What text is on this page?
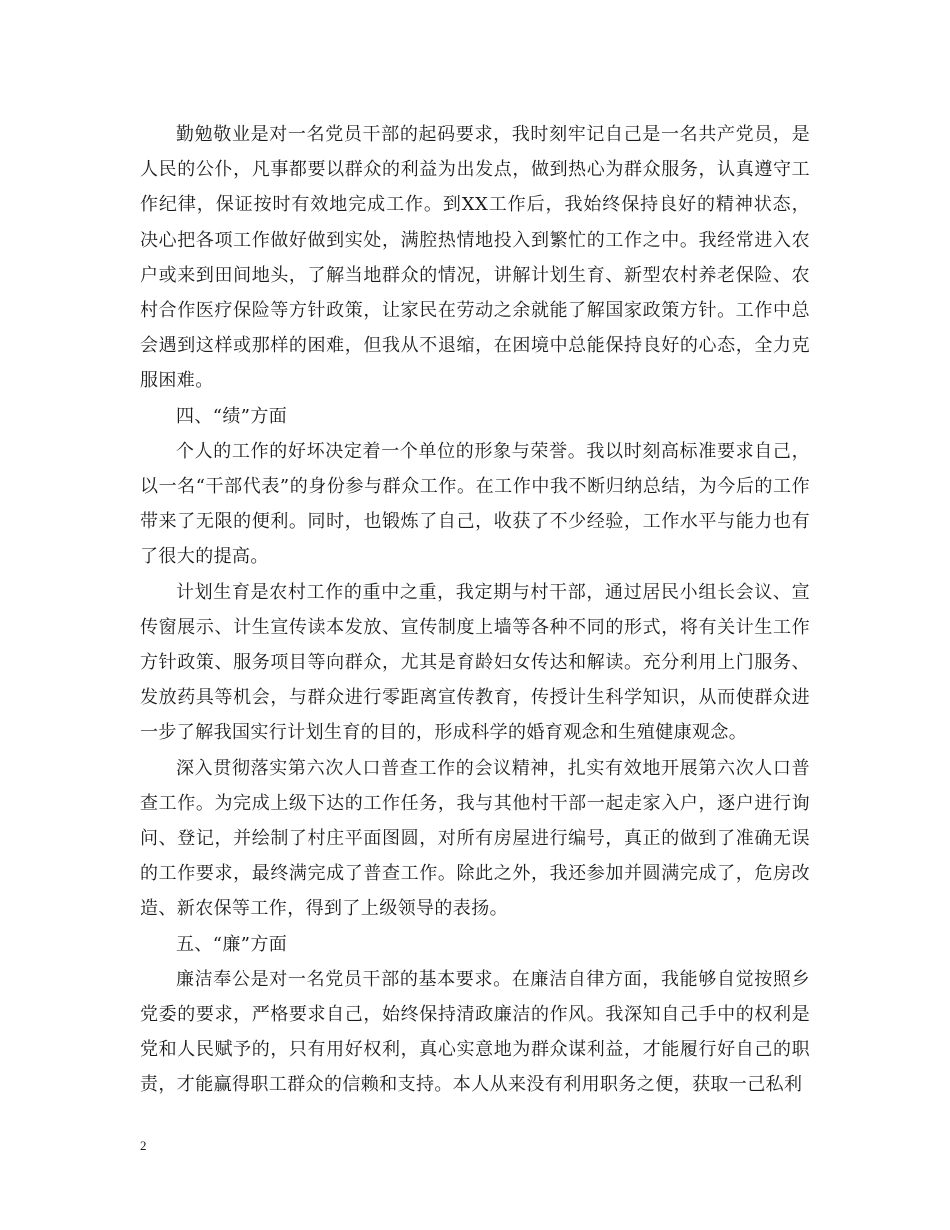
勤勉敬业是对一名党员干部的起码要求，我时刻牢记自己是一名共产党员，是人民的公仆，凡事都要以群众的利益为出发点，做到热心为群众服务，认真遵守工作纪律，保证按时有效地完成工作。到XX工作后，我始终保持良好的精神状态，决心把各项工作做好做到实处，满腔热情地投入到繁忙的工作之中。我经常进入农户或来到田间地头，了解当地群众的情况，讲解计划生育、新型农村养老保险、农村合作医疗保险等方针政策，让家民在劳动之余就能了解国家政策方针。工作中总会遇到这样或那样的困难，但我从不退缩，在困境中总能保持良好的心态，全力克服困难。

四、“绩”方面

个人的工作的好坏决定着一个单位的形象与荣誉。我以时刻高标准要求自己，以一名“干部代表”的身份参与群众工作。在工作中我不断归纳总结，为今后的工作带来了无限的便利。同时，也锻炼了自己，收获了不少经验，工作水平与能力也有了很大的提高。

计划生育是农村工作的重中之重，我定期与村干部，通过居民小组长会议、宣传窗展示、计生宣传读本发放、宣传制度上墙等各种不同的形式，将有关计生工作方针政策、服务项目等向群众，尤其是育龄妇女传达和解读。充分利用上门服务、发放药具等机会，与群众进行零距离宣传教育，传授计生科学知识，从而使群众进一步了解我国实行计划生育的目的，形成科学的婚育观念和生殖健康观念。

深入贯彻落实第六次人口普查工作的会议精神，扎实有效地开展第六次人口普查工作。为完成上级下达的工作任务，我与其他村干部一起走家入户，逐户进行询问、登记，并绘制了村庄平面图圆，对所有房屋进行编号，真正的做到了准确无误的工作要求，最终满完成了普查工作。除此之外，我还参加并圆满完成了，危房改造、新农保等工作，得到了上级领导的表扬。

五、“廉”方面

廉洁奉公是对一名党员干部的基本要求。在廉洁自律方面，我能够自觉按照乡党委的要求，严格要求自己，始终保持清政廉洁的作风。我深知自己手中的权利是党和人民赋予的，只有用好权利，真心实意地为群众谋利益，才能履行好自己的职责，才能赢得职工群众的信赖和支持。本人从来没有利用职务之便，获取一己私利

2
